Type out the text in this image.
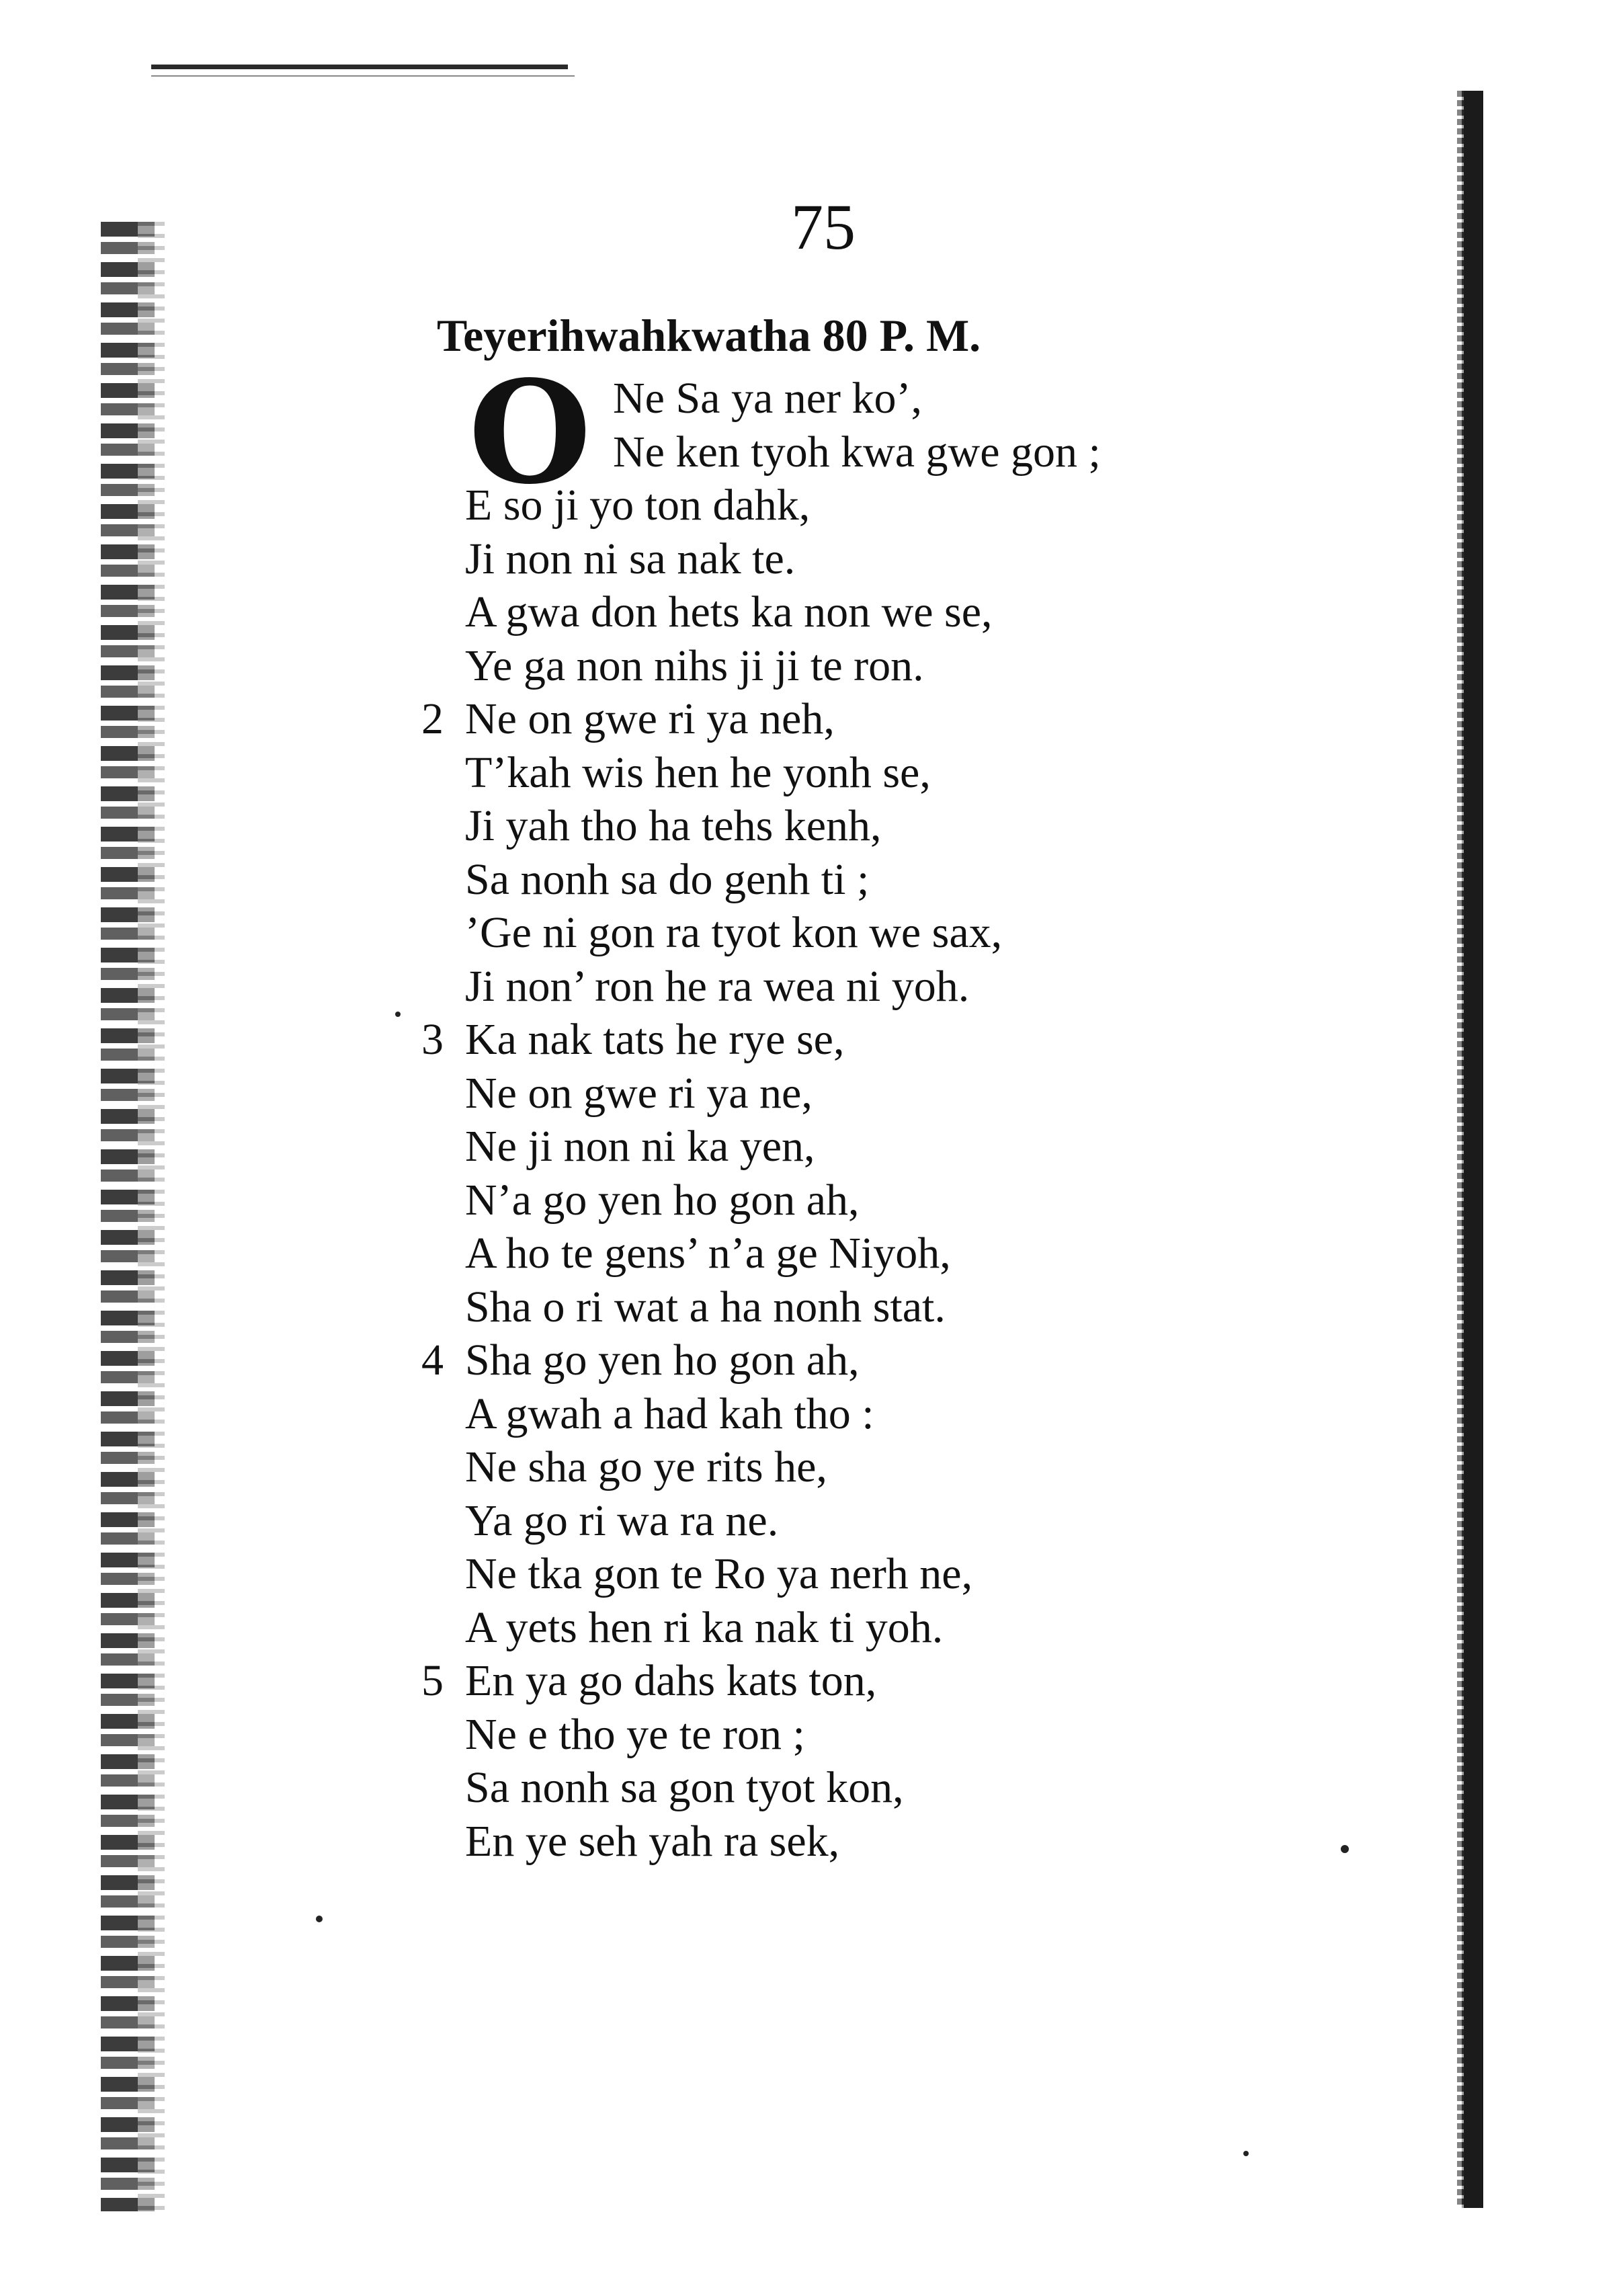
75
Teyerihwahkwatha 80 P. M.
O Ne Sa ya ner ko’,
Ne ken tyoh kwa gwe gon ;
E so ji yo ton dahk,
Ji non ni sa nak te.
A gwa don hets ka non we se,
Ye ga non nihs ji ji te ron.
2 Ne on gwe ri ya neh,
T’kah wis hen he yonh se,
Ji yah tho ha tehs kenh,
Sa nonh sa do genh ti ;
’Ge ni gon ra tyot kon we sax,
Ji non’ ron he ra wea ni yoh.
3 Ka nak tats he rye se,
Ne on gwe ri ya ne,
Ne ji non ni ka yen,
N’a go yen ho gon ah,
A ho te gens’ n’a ge Niyoh,
Sha o ri wat a ha nonh stat.
4 Sha go yen ho gon ah,
A gwah a had kah tho :
Ne sha go ye rits he,
Ya go ri wa ra ne.
Ne tka gon te Ro ya nerh ne,
A yets hen ri ka nak ti yoh.
5 En ya go dahs kats ton,
Ne e tho ye te ron ;
Sa nonh sa gon tyot kon,
En ye seh yah ra sek,
